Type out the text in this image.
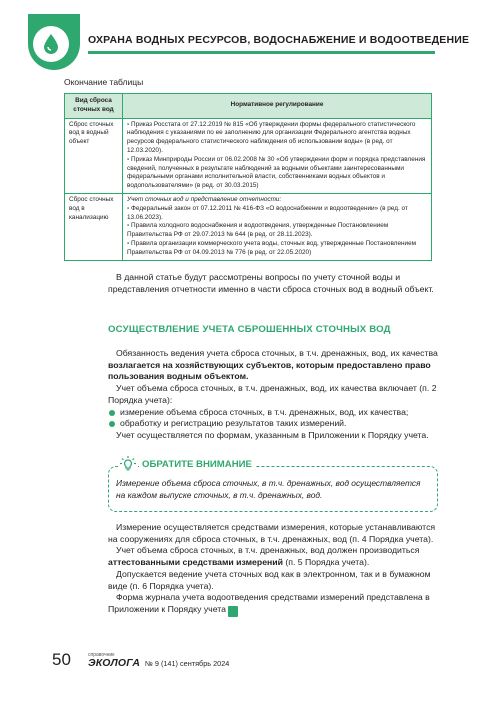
ОХРАНА ВОДНЫХ РЕСУРСОВ, ВОДОСНАБЖЕНИЕ И ВОДООТВЕДЕНИЕ
Окончание таблицы
Вид сброса сточных вод	Нормативное регулирование
Сброс сточных вод в водный объект	▪ Приказ Росстата от 27.12.2019 № 815 «Об утверждении формы федерального статистического наблюдения с указаниями по ее заполнению для организации Федерального агентства водных ресурсов федерального статистического наблюдения об использовании воды» (в ред. от 12.03.2020).
▪ Приказ Минприроды России от 06.02.2008 № 30 «Об утверждении форм и порядка представления сведений, полученных в результате наблюдений за водными объектами заинтересованными федеральными органами исполнительной власти, собственниками водных объектов и водопользователями» (в ред. от 30.03.2015)

Сброс сточных вод в канализацию	Учет сточных вод и представление отчетности:
▪ Федеральный закон от 07.12.2011 № 416-ФЗ «О водоснабжении и водоотведении» (в ред. от 13.06.2023).
▪ Правила холодного водоснабжения и водоотведения, утвержденные Постановлением Правительства РФ от 29.07.2013 № 644 (в ред. от 28.11.2023).
▪ Правила организации коммерческого учета воды, сточных вод, утвержденные Постановлением Правительства РФ от 04.09.2013 № 776 (в ред. от 22.05.2020)
В данной статье будут рассмотрены вопросы по учету сточной воды и представления отчетности именно в части сброса сточных вод в водный объект.
ОСУЩЕСТВЛЕНИЕ УЧЕТА СБРОШЕННЫХ СТОЧНЫХ ВОД

Обязанность ведения учета сброса сточных, в т.ч. дренажных, вод, их качества возлагается на хозяйствующих субъектов, которым предоставлено право пользования водным объектом.

Учет объема сброса сточных, в т.ч. дренажных, вод, их качества включает (п. 2 Порядка учета):

измерение объема сброса сточных, в т.ч. дренажных, вод, их качества;
обработку и регистрацию результатов таких измерений.

Учет осуществляется по формам, указанным в Приложении к Порядку учета.

ОБРАТИТЕ ВНИМАНИЕ
Измерение объема сброса сточных, в т.ч. дренажных, вод осуществляется на каждом выпуске сточных, в т.ч. дренажных, вод.

Измерение осуществляется средствами измерения, которые устанавливаются на сооружениях для сброса сточных, в т.ч. дренажных, вод (п. 4 Порядка учета).

Учет объема сброса сточных, в т.ч. дренажных, вод должен производиться аттестованными средствами измерений (п. 5 Порядка учета).

Допускается ведение учета сточных вод как в электронном, так и в бумажном виде (п. 6 Порядка учета).

Форма журнала учета водоотведения средствами измерений представлена в Приложении к Порядку учета ▼

50	справочник
ЭКОЛОГА № 9 (141) сентябрь 2024
